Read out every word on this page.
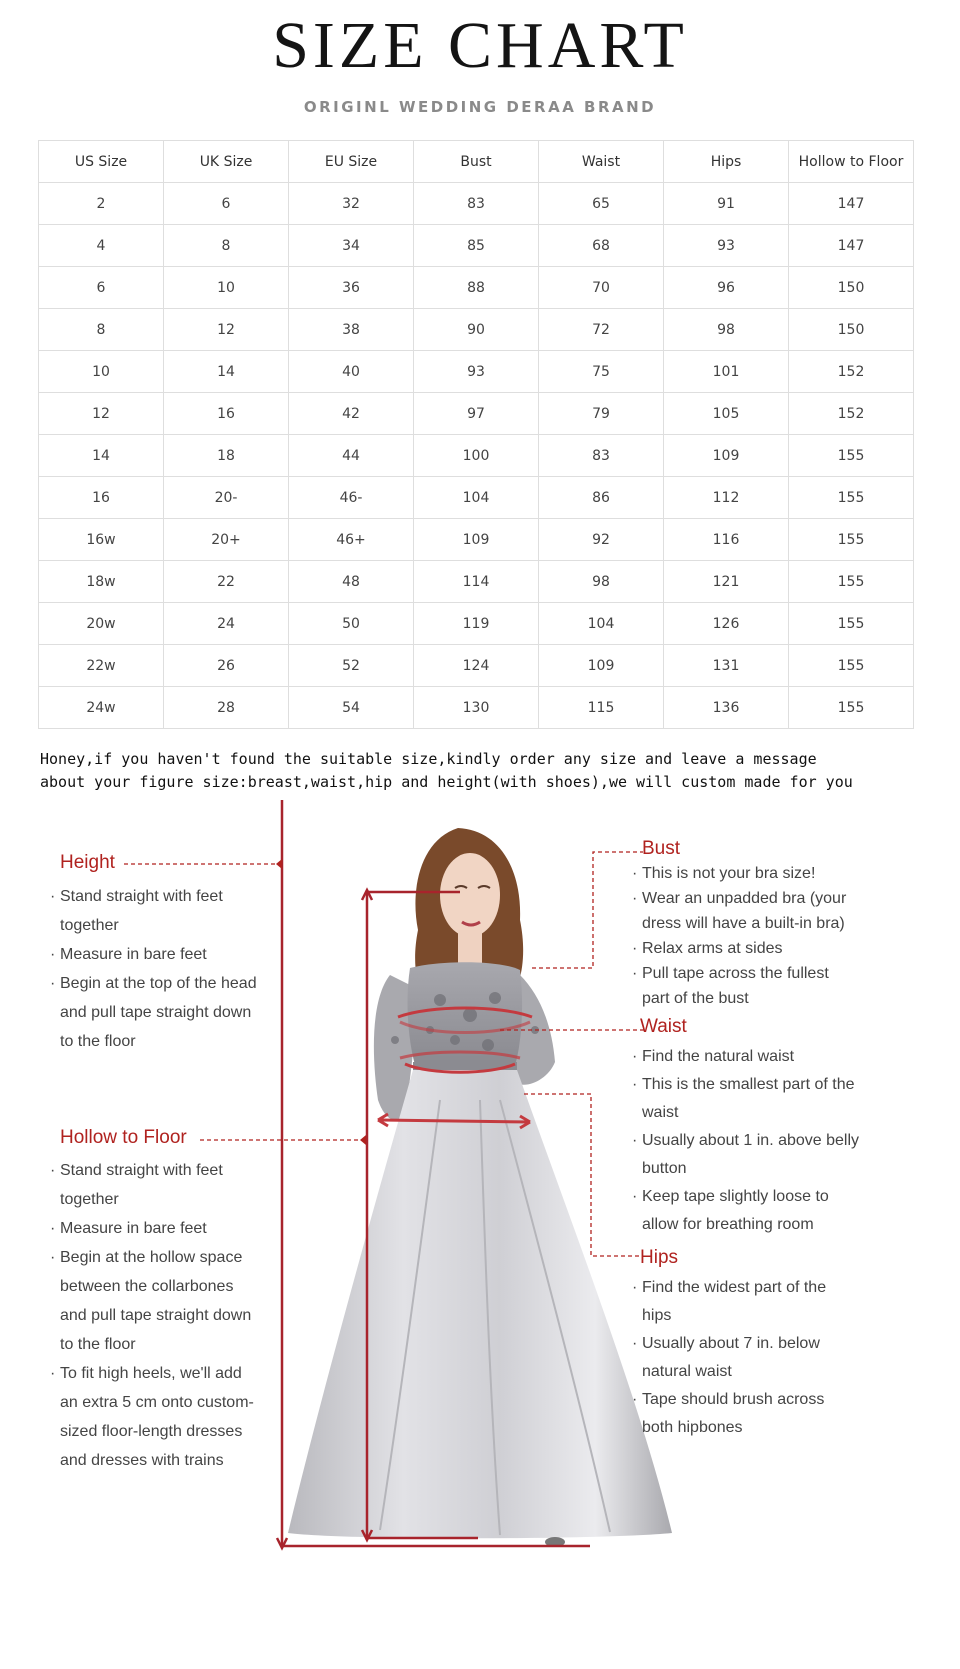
SIZE CHART
ORIGINL WEDDING DERAA BRAND
US Size	UK Size	EU Size	Bust	Waist	Hips	Hollow to Floor
2	6	32	83	65	91	147
4	8	34	85	68	93	147
6	10	36	88	70	96	150
8	12	38	90	72	98	150
10	14	40	93	75	101	152
12	16	42	97	79	105	152
14	18	44	100	83	109	155
16	20-	46-	104	86	112	155
16w	20+	46+	109	92	116	155
18w	22	48	114	98	121	155
20w	24	50	119	104	126	155
22w	26	52	124	109	131	155
24w	28	54	130	115	136	155
Honey,if you haven't found the suitable size,kindly order any size and leave a message
about your figure size:breast,waist,hip and height(with shoes),we will custom made for you
Height
· Stand straight with feet together
· Measure in bare feet
· Begin at the top of the head and pull tape straight down to the floor
Hollow to Floor
· Stand straight with feet together
· Measure in bare feet
· Begin at the hollow space between the collarbones and pull tape straight down to the floor
· To fit high heels, we'll add an extra 5 cm onto custom-sized floor-length dresses and dresses with trains
Bust
· This is not your bra size!
· Wear an unpadded bra (your dress will have a built-in bra)
· Relax arms at sides
· Pull tape across the fullest part of the bust
Waist
· Find the natural waist
· This is the smallest part of the waist
· Usually about 1 in. above belly button
· Keep tape slightly loose to allow for breathing room
Hips
· Find the widest part of the hips
· Usually about 7 in. below natural waist
· Tape should brush across both hipbones
